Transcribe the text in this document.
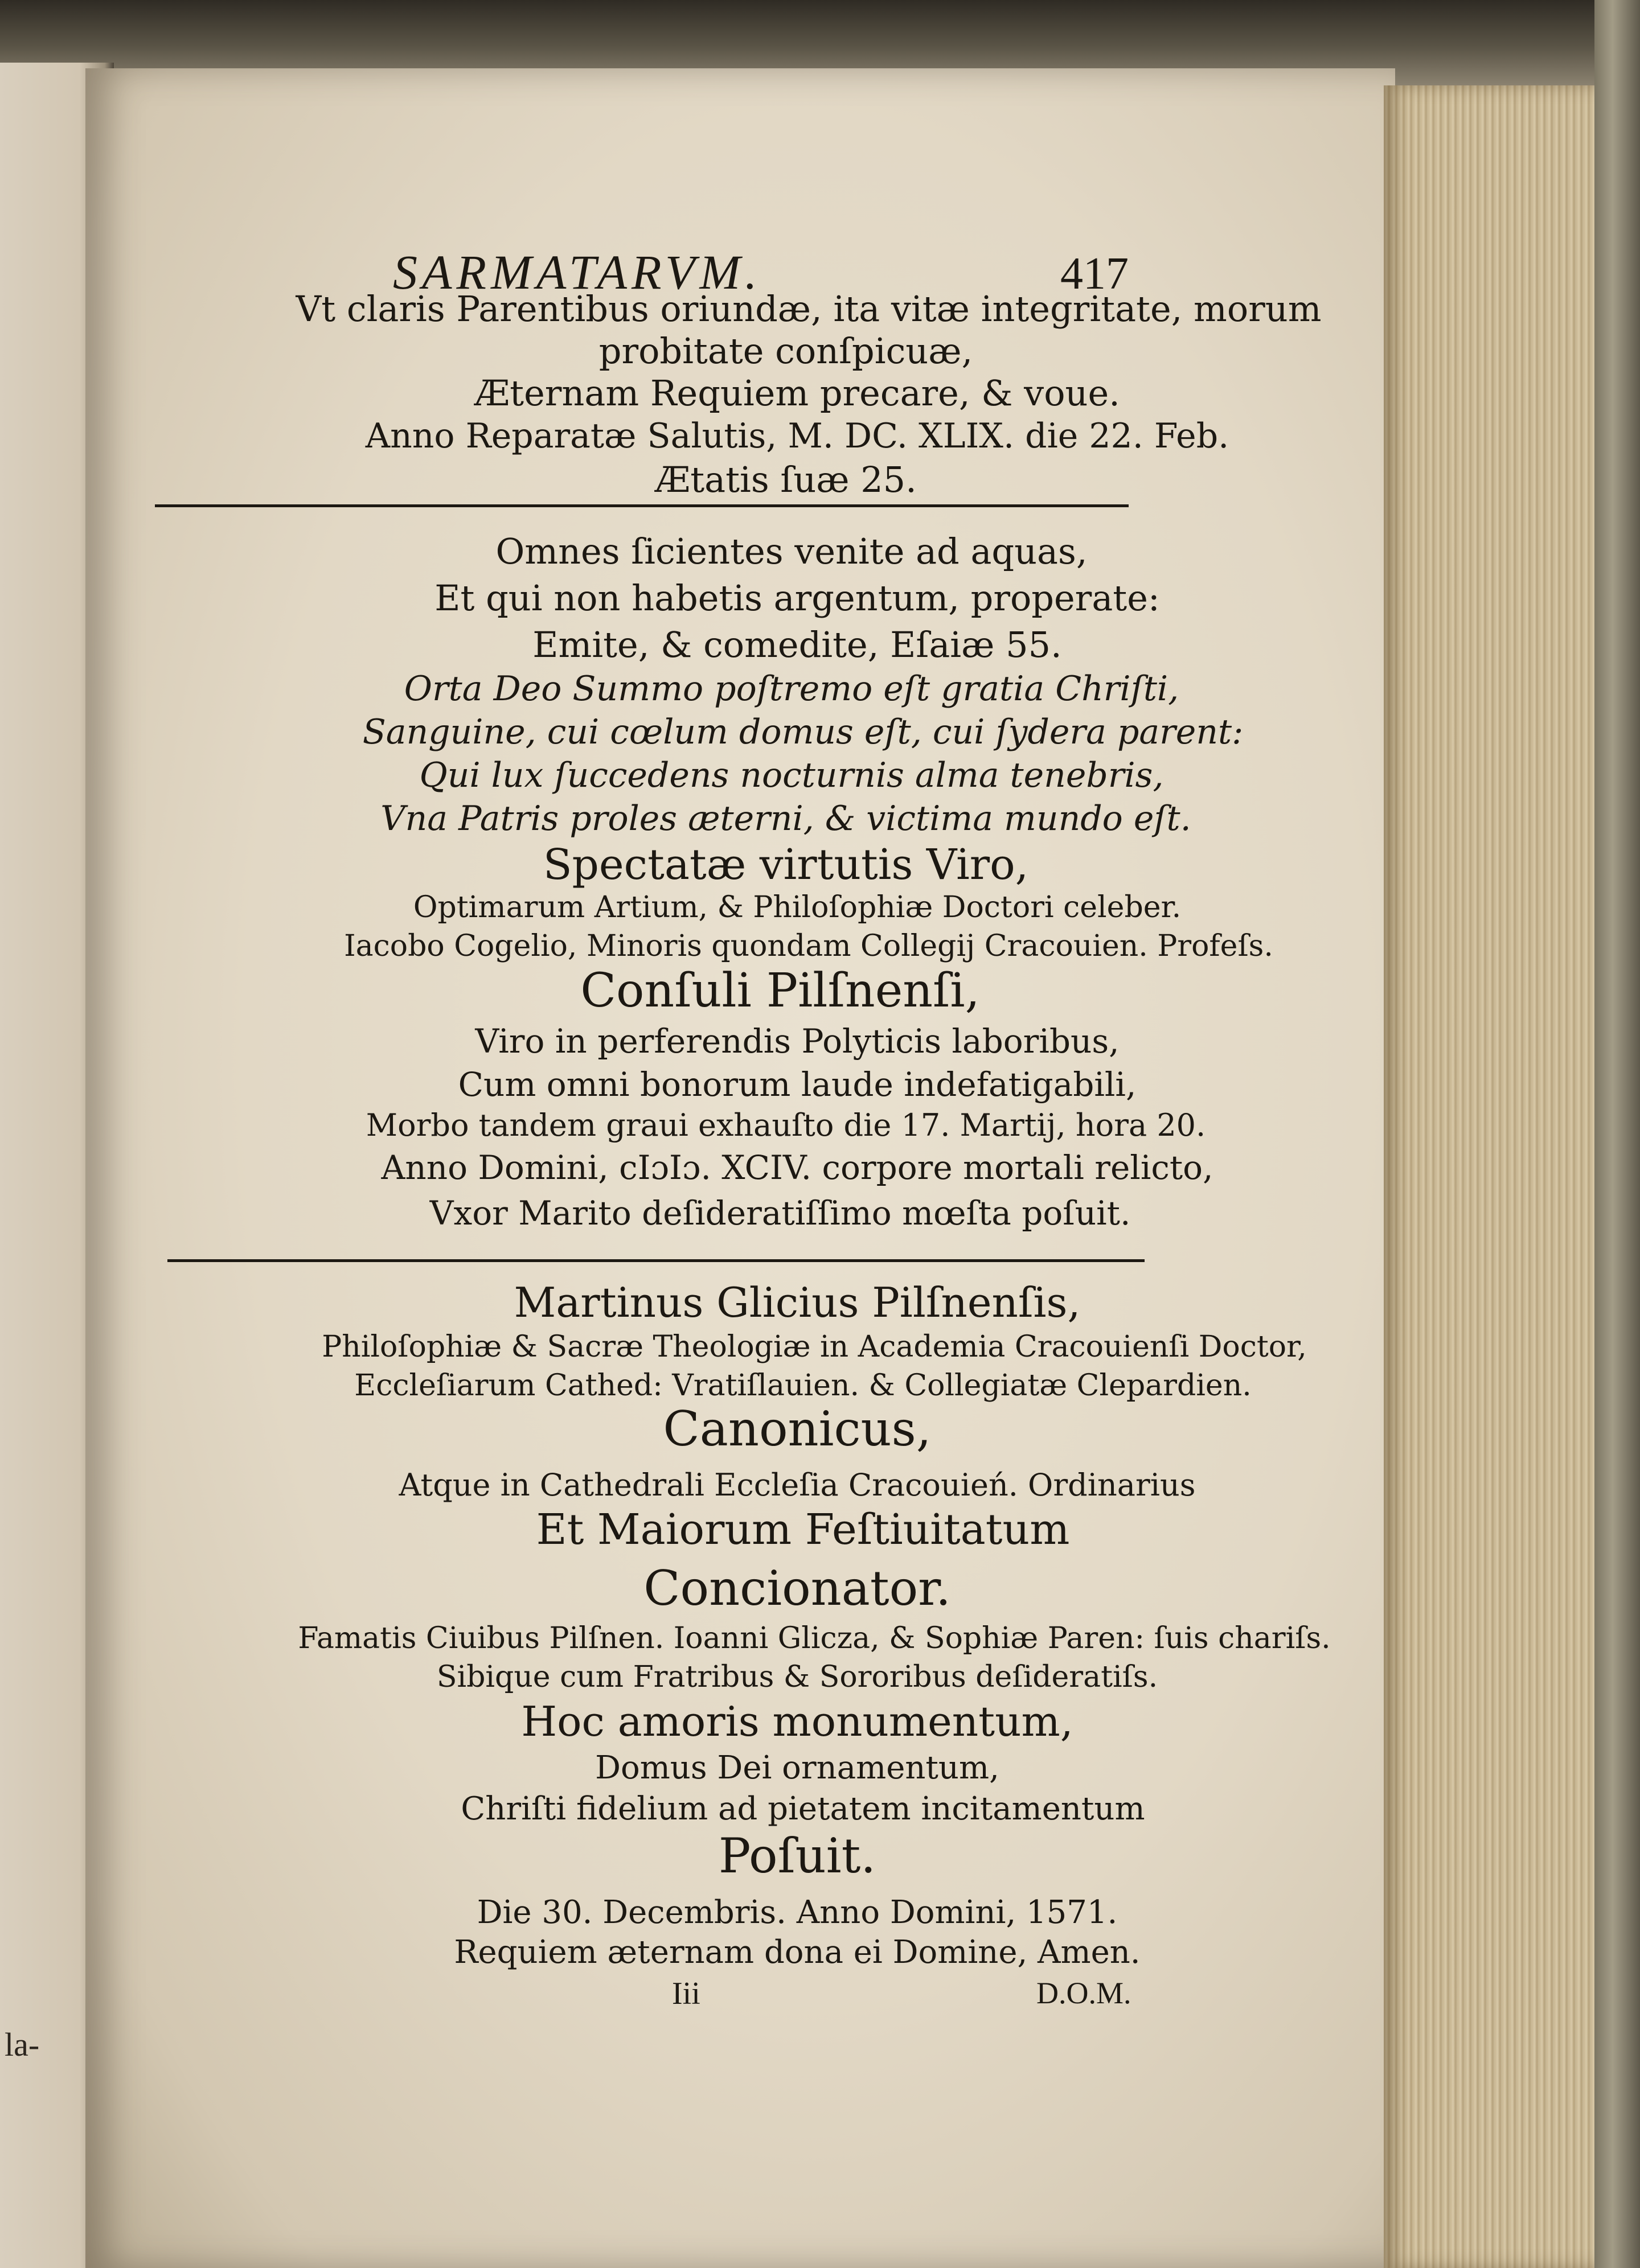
la-
SARMATARVM.	417
Vt claris Parentibus oriundæ, ita vitæ integritate, morum
probitate conſpicuæ,
Æternam Requiem precare, & voue.
Anno Reparatæ Salutis, M. DC. XLIX. die 22. Feb.
Ætatis ſuæ 25.
Omnes ſicientes venite ad aquas,
Et qui non habetis argentum, properate:
Emite, & comedite, Eſaiæ 55.
Orta Deo Summo poſtremo eſt gratia Chriſti,
Sanguine, cui cœlum domus eſt, cui ſydera parent:
Qui lux ſuccedens nocturnis alma tenebris,
Vna Patris proles æterni, & victima mundo eſt.
Spectatæ virtutis Viro,
Optimarum Artium, & Philoſophiæ Doctori celeber.
Iacobo Cogelio, Minoris quondam Collegij Cracouien. Profeſs.
Conſuli Pilſnenſi,
Viro in perferendis Polyticis laboribus,
Cum omni bonorum laude indefatigabili,
Morbo tandem graui exhauſto die 17. Martij, hora 20.
Anno Domini, cIɔIɔ. XCIV. corpore mortali relicto,
Vxor Marito deſideratiſſimo mœſta poſuit.
Martinus Glicius Pilſnenſis,
Philoſophiæ & Sacræ Theologiæ in Academia Cracouienſi Doctor,
Eccleſiarum Cathed: Vratiſlauien. & Collegiatæ Clepardien.
Canonicus,
Atque in Cathedrali Eccleſia Cracouień. Ordinarius
Et Maiorum Feſtiuitatum
Concionator.
Famatis Ciuibus Pilſnen. Ioanni Glicza, & Sophiæ Paren: ſuis chariſs.
Sibique cum Fratribus & Sororibus deſideratiſs.
Hoc amoris monumentum,
Domus Dei ornamentum,
Chriſti fidelium ad pietatem incitamentum
Poſuit.
Die 30. Decembris. Anno Domini, 1571.
Requiem æternam dona ei Domine, Amen.
Iii	D.O.M.
